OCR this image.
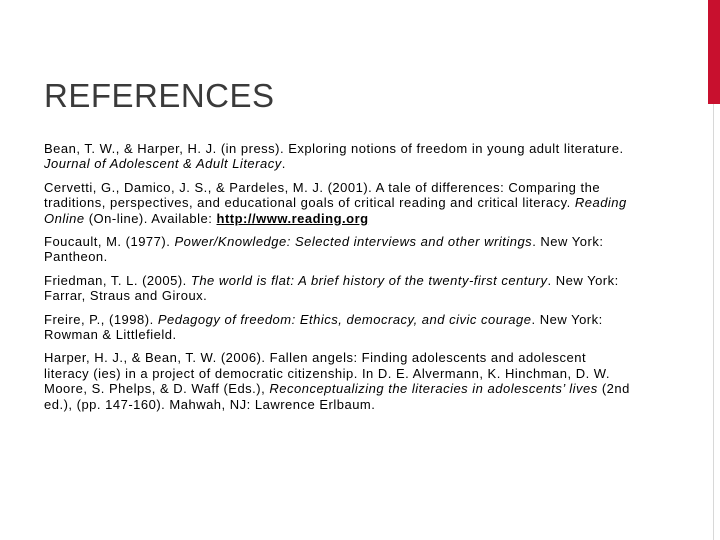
REFERENCES
Bean, T. W., & Harper, H. J. (in press). Exploring notions of freedom in young adult literature. Journal of Adolescent & Adult Literacy.
Cervetti, G., Damico, J. S., & Pardeles, M. J. (2001). A tale of differences: Comparing the traditions, perspectives, and educational goals of critical reading and critical literacy. Reading Online (On-line). Available: http://www.reading.org
Foucault, M. (1977). Power/Knowledge: Selected interviews and other writings. New York: Pantheon.
Friedman, T. L. (2005). The world is flat: A brief history of the twenty-first century. New York: Farrar, Straus and Giroux.
Freire, P., (1998). Pedagogy of freedom: Ethics, democracy, and civic courage. New York: Rowman & Littlefield.
Harper, H. J., & Bean, T. W. (2006). Fallen angels: Finding adolescents and adolescent literacy (ies) in a project of democratic citizenship. In D. E. Alvermann, K. Hinchman, D. W. Moore, S. Phelps, & D. Waff (Eds.), Reconceptualizing the literacies in adolescents’ lives (2nd ed.), (pp. 147-160). Mahwah, NJ: Lawrence Erlbaum.
